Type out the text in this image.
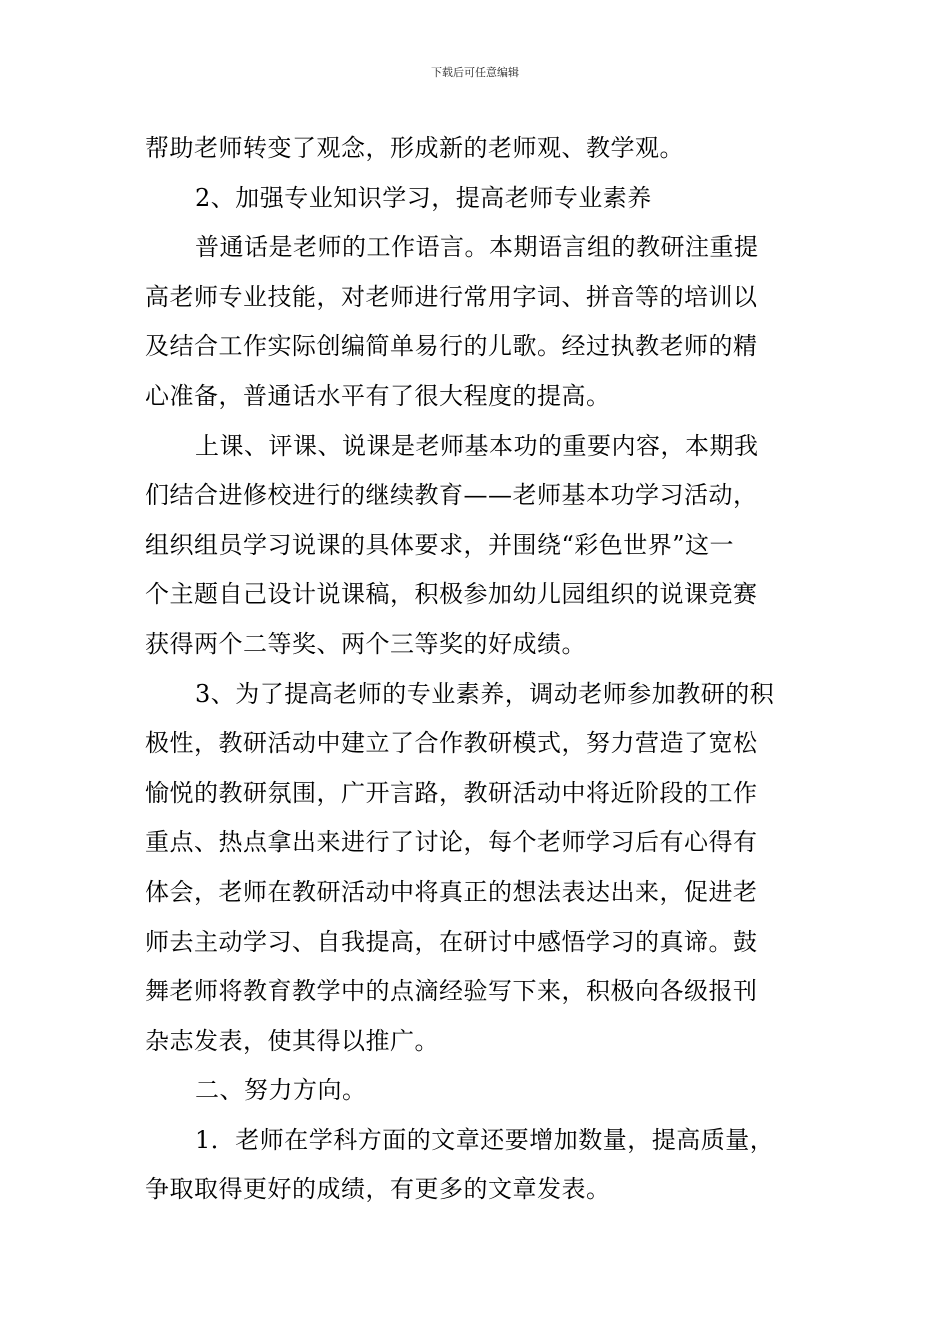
下载后可任意编辑

帮助老师转变了观念，形成新的老师观、教学观。

2、加强专业知识学习，提高老师专业素养

普通话是老师的工作语言。本期语言组的教研注重提

高老师专业技能，对老师进行常用字词、拼音等的培训以

及结合工作实际创编简单易行的儿歌。经过执教老师的精

心准备，普通话水平有了很大程度的提高。

上课、评课、说课是老师基本功的重要内容，本期我

们结合进修校进行的继续教育——老师基本功学习活动，

组织组员学习说课的具体要求，并围绕“彩色世界”这一

个主题自己设计说课稿，积极参加幼儿园组织的说课竞赛

获得两个二等奖、两个三等奖的好成绩。

3、为了提高老师的专业素养，调动老师参加教研的积

极性，教研活动中建立了合作教研模式，努力营造了宽松

愉悦的教研氛围，广开言路，教研活动中将近阶段的工作

重点、热点拿出来进行了讨论，每个老师学习后有心得有

体会，老师在教研活动中将真正的想法表达出来，促进老

师去主动学习、自我提高，在研讨中感悟学习的真谛。鼓

舞老师将教育教学中的点滴经验写下来，积极向各级报刊

杂志发表，使其得以推广。

二、努力方向。

1．老师在学科方面的文章还要增加数量，提高质量，

争取取得更好的成绩，有更多的文章发表。
